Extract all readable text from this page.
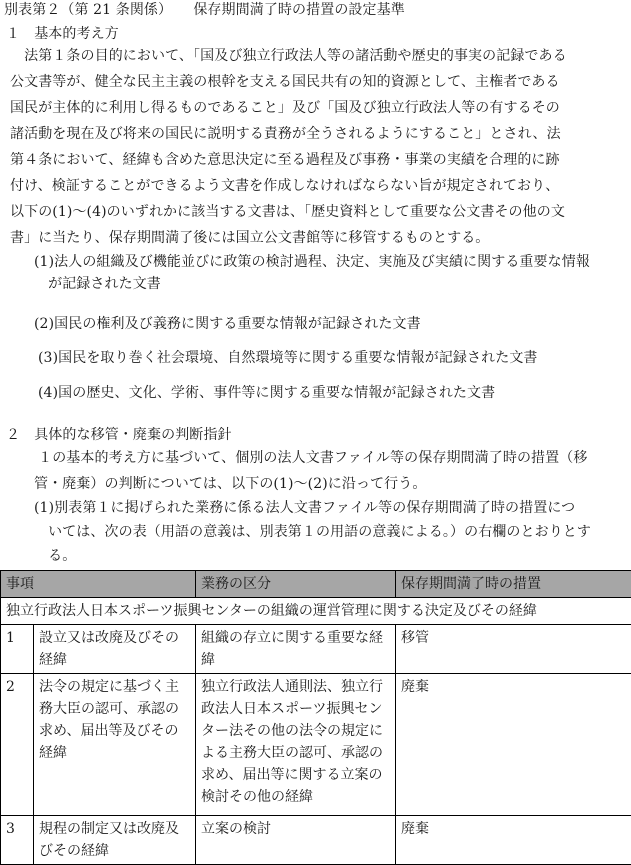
別表第２（第 21 条関係）　　保存期間満了時の措置の設定基準
１　基本的考え方
　法第１条の目的において、「国及び独立行政法人等の諸活動や歴史的事実の記録である
公文書等が、健全な民主主義の根幹を支える国民共有の知的資源として、主権者である
国民が主体的に利用し得るものであること」及び「国及び独立行政法人等の有するその
諸活動を現在及び将来の国民に説明する責務が全うされるようにすること」とされ、法
第４条において、経緯も含めた意思決定に至る過程及び事務・事業の実績を合理的に跡
付け、検証することができるよう文書を作成しなければならない旨が規定されており、
以下の(1)～(4)のいずれかに該当する文書は、「歴史資料として重要な公文書その他の文
書」に当たり、保存期間満了後には国立公文書館等に移管するものとする。
(1)法人の組織及び機能並びに政策の検討過程、決定、実施及び実績に関する重要な情報
　が記録された文書
(2)国民の権利及び義務に関する重要な情報が記録された文書
(3)国民を取り巻く社会環境、自然環境等に関する重要な情報が記録された文書
(4)国の歴史、文化、学術、事件等に関する重要な情報が記録された文書
２　具体的な移管・廃棄の判断指針
　１の基本的考え方に基づいて、個別の法人文書ファイル等の保存期間満了時の措置（移
管・廃棄）の判断については、以下の(1)～(2)に沿って行う。
(1)別表第１に掲げられた業務に係る法人文書ファイル等の保存期間満了時の措置につ
　いては、次の表（用語の意義は、別表第１の用語の意義による。）の右欄のとおりとす
　る。
事項		業務の区分	保存期間満了時の措置
独立行政法人日本スポーツ振興センターの組織の運営管理に関する決定及びその経緯			
1	設立又は改廃及びその経緯	組織の存立に関する重要な経緯	移管
2	法令の規定に基づく主務大臣の認可、承認の求め、届出等及びその経緯	独立行政法人通則法、独立行政法人日本スポーツ振興センター法その他の法令の規定による主務大臣の認可、承認の求め、届出等に関する立案の検討その他の経緯	廃棄
3	規程の制定又は改廃及びその経緯	立案の検討	廃棄
